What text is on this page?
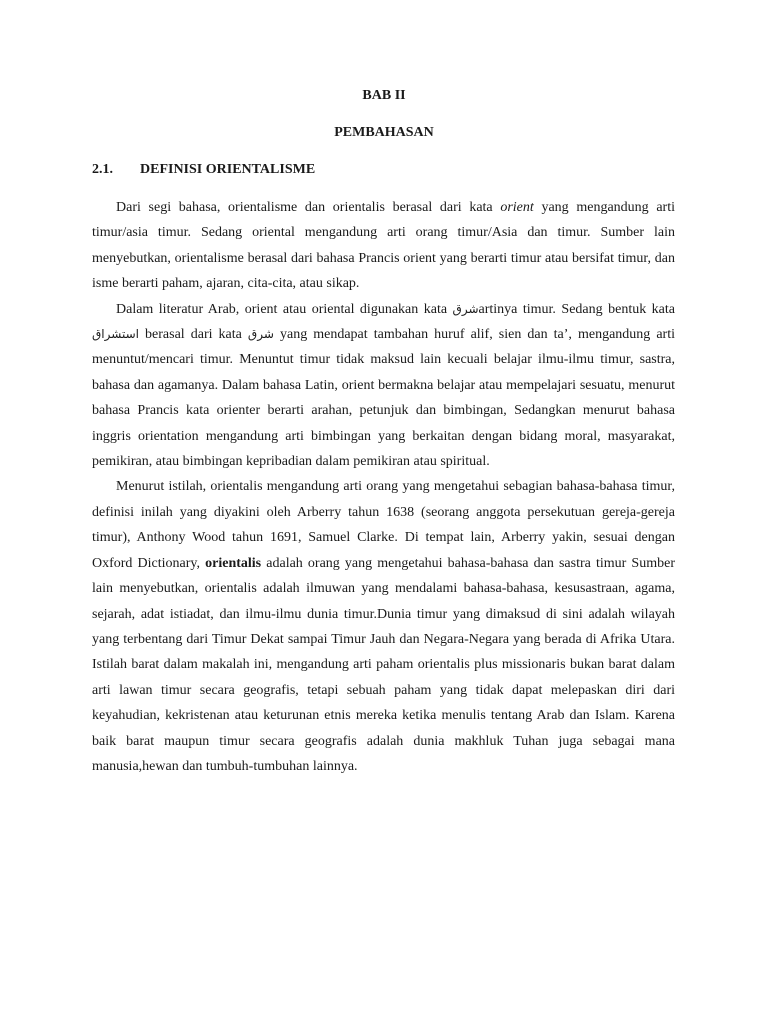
BAB II
PEMBAHASAN
2.1. DEFINISI ORIENTALISME

Dari segi bahasa, orientalisme dan orientalis berasal dari kata orient yang mengandung arti timur/asia timur. Sedang oriental mengandung arti orang timur/Asia dan timur. Sumber lain menyebutkan, orientalisme berasal dari bahasa Prancis orient yang berarti timur atau bersifat timur, dan isme berarti paham, ajaran, cita-cita, atau sikap.

Dalam literatur Arab, orient atau oriental digunakan kata شرقartinya timur. Sedang bentuk kata استشراق berasal dari kata شرق yang mendapat tambahan huruf alif, sien dan ta’, mengandung arti menuntut/mencari timur. Menuntut timur tidak maksud lain kecuali belajar ilmu-ilmu timur, sastra, bahasa dan agamanya. Dalam bahasa Latin, orient bermakna belajar atau mempelajari sesuatu, menurut bahasa Prancis kata orienter berarti arahan, petunjuk dan bimbingan, Sedangkan menurut bahasa inggris orientation mengandung arti bimbingan yang berkaitan dengan bidang moral, masyarakat, pemikiran, atau bimbingan kepribadian dalam pemikiran atau spiritual.

Menurut istilah, orientalis mengandung arti orang yang mengetahui sebagian bahasa-bahasa timur, definisi inilah yang diyakini oleh Arberry tahun 1638 (seorang anggota persekutuan gereja-gereja timur), Anthony Wood tahun 1691, Samuel Clarke. Di tempat lain, Arberry yakin, sesuai dengan Oxford Dictionary, orientalis adalah orang yang mengetahui bahasa-bahasa dan sastra timur Sumber lain menyebutkan, orientalis adalah ilmuwan yang mendalami bahasa-bahasa, kesusastraan, agama, sejarah, adat istiadat, dan ilmu-ilmu dunia timur.Dunia timur yang dimaksud di sini adalah wilayah yang terbentang dari Timur Dekat sampai Timur Jauh dan Negara-Negara yang berada di Afrika Utara. Istilah barat dalam makalah ini, mengandung arti paham orientalis plus missionaris bukan barat dalam arti lawan timur secara geografis, tetapi sebuah paham yang tidak dapat melepaskan diri dari keyahudian, kekristenan atau keturunan etnis mereka ketika menulis tentang Arab dan Islam. Karena baik barat maupun timur secara geografis adalah dunia makhluk Tuhan juga sebagai mana manusia,hewan dan tumbuh-tumbuhan lainnya.
